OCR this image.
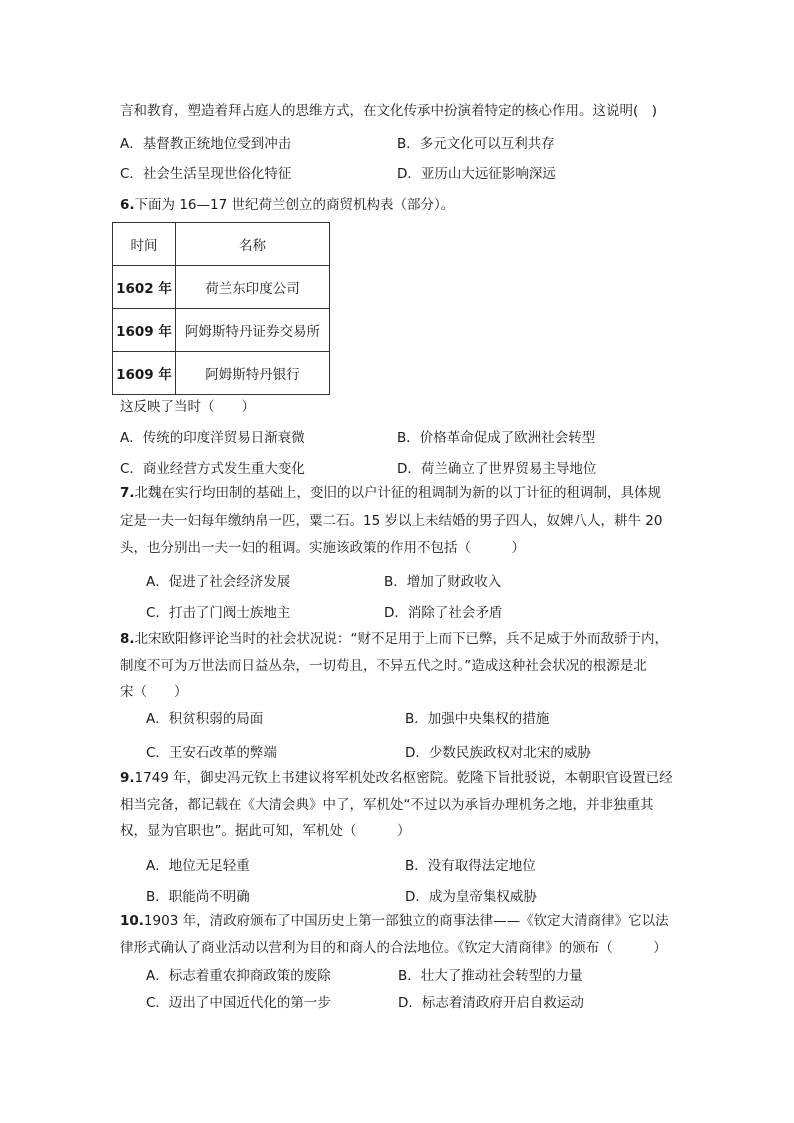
言和教育，塑造着拜占庭人的思维方式，在文化传承中扮演着特定的核心作用。这说明(　)
A．基督教正统地位受到冲击	B．多元文化可以互利共存
C．社会生活呈现世俗化特征	D．亚历山大远征影响深远
6.下面为 16—17 世纪荷兰创立的商贸机构表（部分）。
时间	名称
1602 年	荷兰东印度公司
1609 年	阿姆斯特丹证券交易所
1609 年	阿姆斯特丹银行
这反映了当时（　　）
A．传统的印度洋贸易日渐衰微	B．价格革命促成了欧洲社会转型
C．商业经营方式发生重大变化	D．荷兰确立了世界贸易主导地位
7.北魏在实行均田制的基础上，变旧的以户计征的租调制为新的以丁计征的租调制，具体规
定是一夫一妇每年缴纳帛一匹，粟二石。15 岁以上未结婚的男子四人，奴婢八人，耕牛 20
头，也分别出一夫一妇的租调。实施该政策的作用不包括（　　　）
A．促进了社会经济发展	B．增加了财政收入
C．打击了门阀士族地主	D．消除了社会矛盾
8.北宋欧阳修评论当时的社会状况说：“财不足用于上而下已弊，兵不足威于外而敌骄于内，
制度不可为万世法而日益丛杂，一切苟且，不异五代之时。”造成这种社会状况的根源是北
宋（　　）
A．积贫积弱的局面	B．加强中央集权的措施
C．王安石改革的弊端	D．少数民族政权对北宋的威胁
9.1749 年，御史冯元钦上书建议将军机处改名枢密院。乾隆下旨批驳说，本朝职官设置已经
相当完备，都记载在《大清会典》中了，军机处“不过以为承旨办理机务之地，并非独重其
权，显为官职也”。据此可知，军机处（　　　）
A．地位无足轻重	B．没有取得法定地位
B．职能尚不明确	D．成为皇帝集权威胁
10.1903 年，清政府颁布了中国历史上第一部独立的商事法律——《钦定大清商律》它以法
律形式确认了商业活动以营利为目的和商人的合法地位。《钦定大清商律》的颁布（　　　）
A．标志着重农抑商政策的废除	B．壮大了推动社会转型的力量
C．迈出了中国近代化的第一步	D．标志着清政府开启自救运动
